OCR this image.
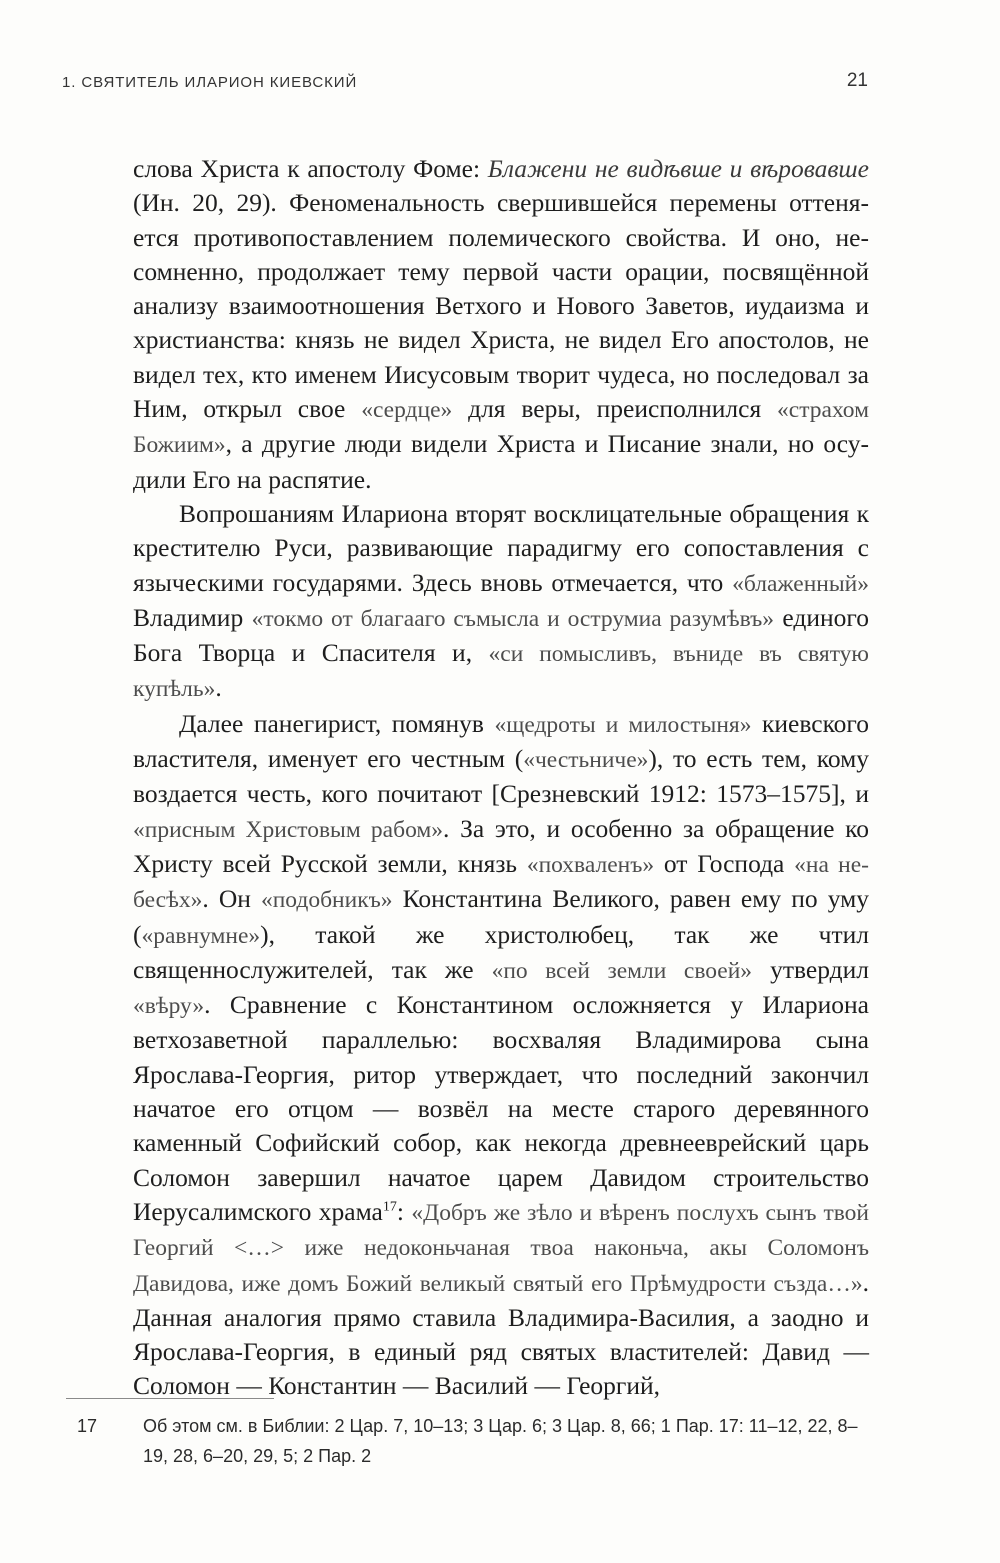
1. СВЯТИТЕЛЬ ИЛАРИОН КИЕВСКИЙ	21

слова Христа к апостолу Фоме: Блажени не видѣвше и вѣровавше (Ин. 20, 29). Феноменальность свершившейся перемены оттеняется противопоставлением полемического свойства. И оно, несомненно, продолжает тему первой части орации, посвящённой анализу взаимоотношения Ветхого и Нового Заветов, иудаизма и христианства: князь не видел Христа, не видел Его апостолов, не видел тех, кто именем Иисусовым творит чудеса, но последовал за Ним, открыл свое «сердце» для веры, преисполнился «страхом Божиим», а другие люди видели Христа и Писание знали, но осудили Его на распятие.

Вопрошаниям Илариона вторят восклицательные обращения к крестителю Руси, развивающие парадигму его сопоставления с языческими государями. Здесь вновь отмечается, что «блаженный» Владимир «токмо от благааго съмысла и острумиа разумѣвъ» единого Бога Творца и Спасителя и, «си помысливъ, въниде въ святую купѣль».

Далее панегирист, помянув «щедроты и милостыня» киевского властителя, именует его честным («честьниче»), то есть тем, кому воздается честь, кого почитают [Срезневский 1912: 1573–1575], и «присным Христовым рабом». За это, и особенно за обращение ко Христу всей Русской земли, князь «похваленъ» от Господа «на небесѣх». Он «подобникъ» Константина Великого, равен ему по уму («равнумне»), такой же христолюбец, так же чтил священнослужителей, так же «по всей земли своей» утвердил «вѣру». Сравнение с Константином осложняется у Илариона ветхозаветной параллелью: восхваляя Владимирова сына Ярослава-Георгия, ритор утверждает, что последний закончил начатое его отцом — возвёл на месте старого деревянного каменный Софийский собор, как некогда древнееврейский царь Соломон завершил начатое царем Давидом строительство Иерусалимского храма$^{17}$: «Добръ же зѣло и вѣренъ послухъ сынъ твой Георгий <…> иже недоконьчаная твоа наконьча, акы Соломонъ Давидова, иже домъ Божий великый святый его Прѣмудрости създа…». Данная аналогия прямо ставила Владимира-Василия, а заодно и Ярослава-Георгия, в единый ряд святых властителей: Давид — Соломон — Константин — Василий — Георгий,

17	Об этом см. в Библии: 2 Цар. 7, 10–13; 3 Цар. 6; 3 Цар. 8, 66; 1 Пар. 17: 11–12, 22, 8–19, 28, 6–20, 29, 5; 2 Пар. 2
